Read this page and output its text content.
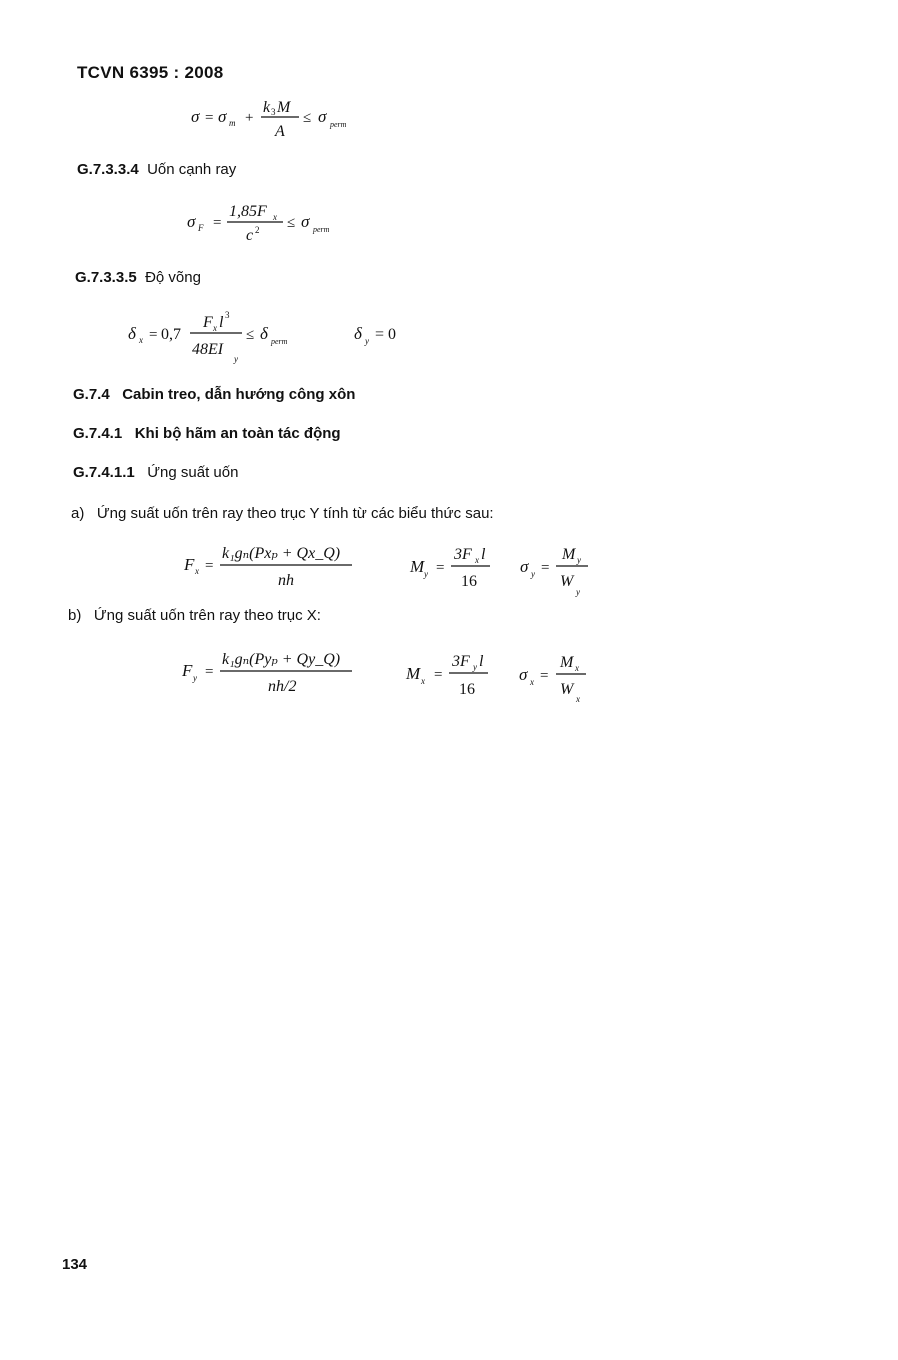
TCVN 6395 : 2008
σ = σ m +
k 3 M
A
≤ σ perm
G.7.3.3.4 Uốn cạnh ray
σ F =
1,85F x
c 2 ≤ σ perm
G.7.3.3.5 Độ võng
δ x = 0,7
F x l 3
48EI
y
≤ δ perm	δ y = 0
G.7.4 Cabin treo, dẫn hướng công xôn
G.7.4.1 Khi bộ hãm an toàn tác động
G.7.4.1.1 Ứng suất uốn
a) Ứng suất uốn trên ray theo trục Y tính từ các biểu thức sau:
F x =
k₁gₙ(Pxₚ + Qx_Q)
nh
M y =
3F x l
16
σ y =
M y
W
y
b) Ứng suất uốn trên ray theo trục X:
F y =
k₁gₙ(Pyₚ + Qy_Q)
nh/2
M x =
3F y l
16
σ x =
M x
W
x
134
